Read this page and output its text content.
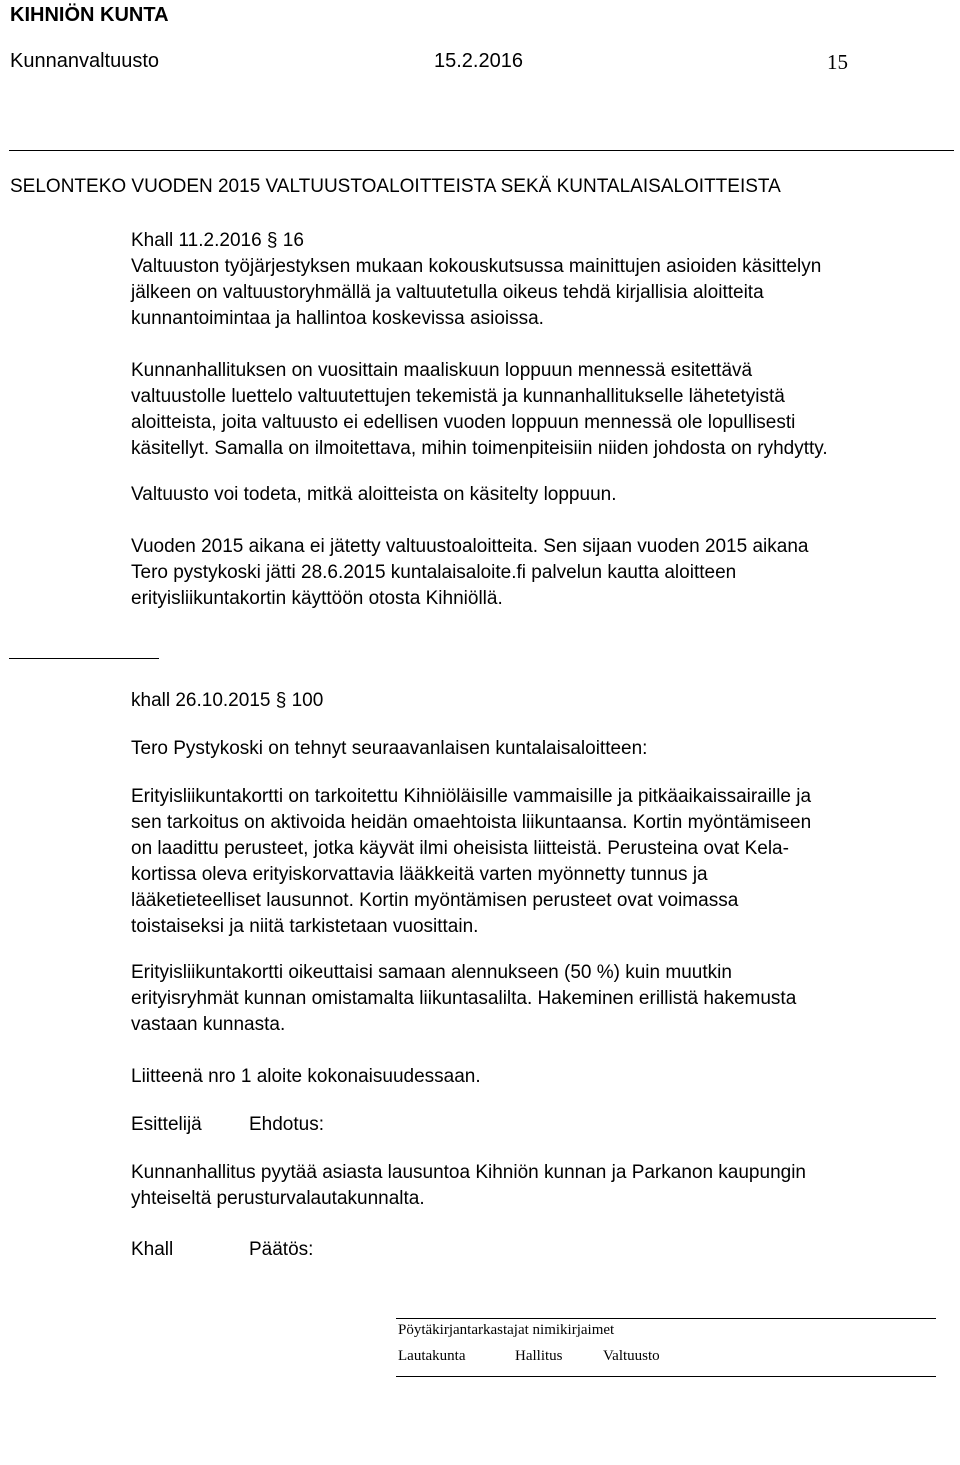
KIHNIÖN KUNTA
Kunnanvaltuusto	15.2.2016	15
SELONTEKO VUODEN 2015 VALTUUSTOALOITTEISTA SEKÄ KUNTALAISALOITTEISTA
Khall 11.2.2016 § 16
Valtuuston työjärjestyksen mukaan kokouskutsussa mainittujen asioiden käsittelyn
jälkeen on valtuustoryhmällä ja valtuutetulla oikeus tehdä kirjallisia aloitteita
kunnantoimintaa ja hallintoa koskevissa asioissa.
Kunnanhallituksen on vuosittain maaliskuun loppuun mennessä esitettävä
valtuustolle luettelo valtuutettujen tekemistä ja kunnanhallitukselle lähetetyistä
aloitteista, joita valtuusto ei edellisen vuoden loppuun mennessä ole lopullisesti
käsitellyt. Samalla on ilmoitettava, mihin toimenpiteisiin niiden johdosta on ryhdytty.
Valtuusto voi todeta, mitkä aloitteista on käsitelty loppuun.
Vuoden 2015 aikana ei jätetty valtuustoaloitteita. Sen sijaan vuoden 2015 aikana
Tero pystykoski jätti 28.6.2015 kuntalaisaloite.fi palvelun kautta aloitteen
erityisliikuntakortin käyttöön otosta Kihniöllä.
khall 26.10.2015 § 100
Tero Pystykoski on tehnyt seuraavanlaisen kuntalaisaloitteen:
Erityisliikuntakortti on tarkoitettu Kihniöläisille vammaisille ja pitkäaikaissairaille ja
sen tarkoitus on aktivoida heidän omaehtoista liikuntaansa. Kortin myöntämiseen
on laadittu perusteet, jotka käyvät ilmi oheisista liitteistä. Perusteina ovat Kela-
kortissa oleva erityiskorvattavia lääkkeitä varten myönnetty tunnus ja
lääketieteelliset lausunnot. Kortin myöntämisen perusteet ovat voimassa
toistaiseksi ja niitä tarkistetaan vuosittain.
Erityisliikuntakortti oikeuttaisi samaan alennukseen (50 %) kuin muutkin
erityisryhmät kunnan omistamalta liikuntasalilta. Hakeminen erillistä hakemusta
vastaan kunnasta.
Liitteenä nro 1 aloite kokonaisuudessaan.
Esittelijä Ehdotus:
Kunnanhallitus pyytää asiasta lausuntoa Kihniön kunnan ja Parkanon kaupungin
yhteiseltä perusturvalautakunnalta.
Khall	Päätös:
Pöytäkirjantarkastajat nimikirjaimet
Lautakunta	Hallitus	Valtuusto
